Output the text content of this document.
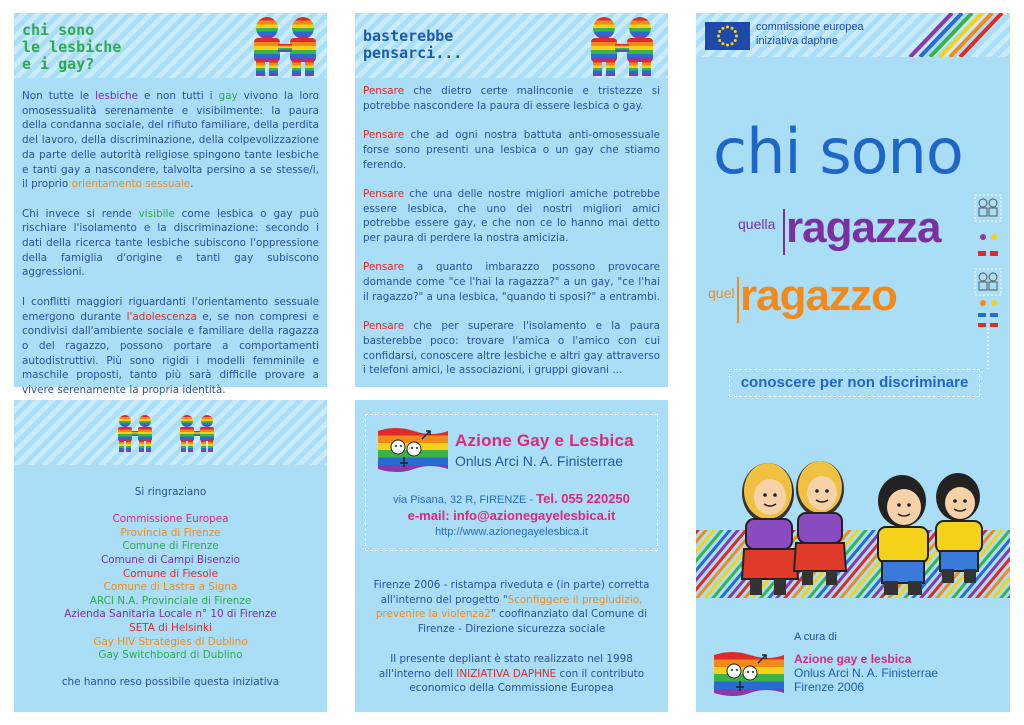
chi sono
le lesbiche
e i gay?

Non tutte le lesbiche e non tutti i gay vivono la loro omosessualità serenamente e visibilmente: la paura della condanna sociale, del rifiuto familiare, della perdita del lavoro, della discriminazione, della colpevolizzazione da parte delle autorità religiose spingono tante lesbiche e tanti gay a nascondere, talvolta persino a se stesse/i, il proprio orientamento sessuale.

Chi invece si rende visibile come lesbica o gay può rischiare l'isolamento e la discriminazione: secondo i dati della ricerca tante lesbiche subiscono l'oppressione della famiglia d'origine e tanti gay subiscono aggressioni.

I conflitti maggiori riguardanti l'orientamento sessuale emergono durante l'adolescenza e, se non compresi e condivisi dall'ambiente sociale e familiare della ragazza o del ragazzo, possono portare a comportamenti autodistruttivi. Più sono rigidi i modelli femminile e maschile proposti, tanto più sarà difficile provare a vivere serenamente la propria identità.

basterebbe
pensarci...

Pensare che dietro certe malinconie e tristezze si potrebbe nascondere la paura di essere lesbica o gay.

Pensare che ad ogni nostra battuta anti-omosessuale forse sono presenti una lesbica o un gay che stiamo ferendo.

Pensare che una delle nostre migliori amiche potrebbe essere lesbica, che uno dei nostri migliori amici potrebbe essere gay, e che non ce lo hanno mai detto per paura di perdere la nostra amicizia.

Pensare a quanto imbarazzo possono provocare domande come "ce l'hai la ragazza?" a un gay, "ce l'hai il ragazzo?" a una lesbica, "quando ti sposi?" a entrambi.

Pensare che per superare l'isolamento e la paura basterebbe poco: trovare l'amica o l'amico con cui confidarsi, conoscere altre lesbiche e altri gay attraverso i telefoni amici, le associazioni, i gruppi giovani ...

commissione europea
iniziativa daphne
chi sono
quella ragazza
quel ragazzo
conoscere per non discriminare
A cura di
Azione gay e lesbica
Onlus Arci N. A. Finisterrae
Firenze 2006
Si ringraziano
Commissione Europea
Provincia di Firenze
Comune di Firenze
Comune di Campi Bisenzio
Comune di Fiesole
Comune di Lastra a Signa
ARCI N.A. Provinciale di Firenze
Azienda Sanitaria Locale n° 10 di Firenze
SETA di Helsinki
Gay HIV Strategies di Dublino
Gay Switchboard di Dublino
che hanno reso possibile questa iniziativa
Azione Gay e Lesbica
Onlus Arci N. A. Finisterrae
via Pisana, 32 R, FIRENZE - Tel. 055 220250
e-mail: info@azionegayelesbica.it
http://www.azionegayelesbica.it
Firenze 2006 - ristampa riveduta e (in parte) corretta all'interno del progetto "Sconfiggere il pregiudizio, prevenire la violenza2" coofinanziato dal Comune di Firenze - Direzione sicurezza sociale
Il presente depliant è stato realizzato nel 1998 all'interno dell INIZIATIVA DAPHNE con il contributo economico della Commissione Europea
